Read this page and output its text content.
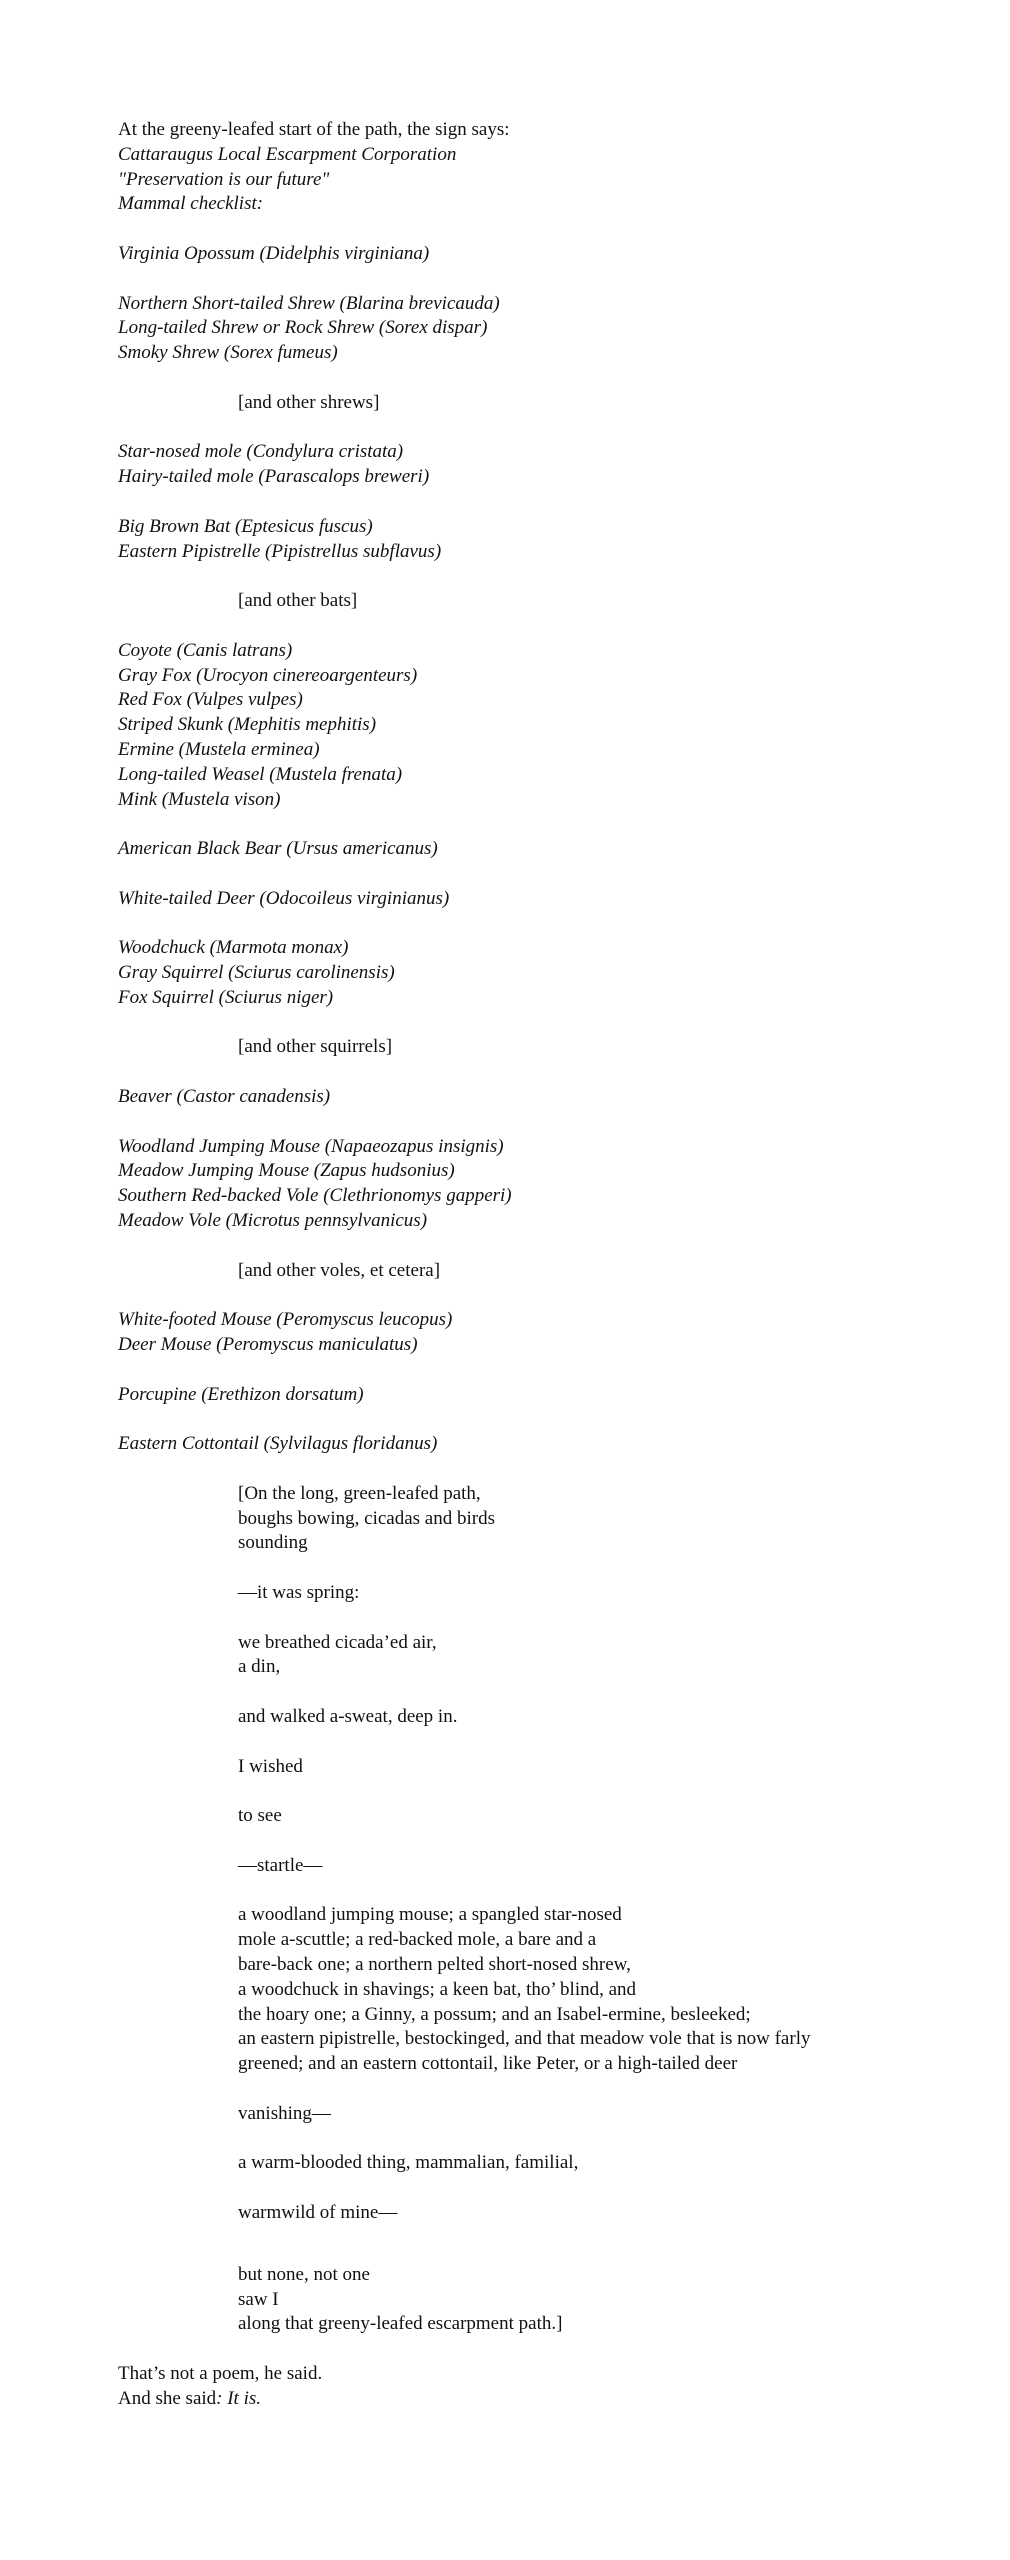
At the greeny-leafed start of the path, the sign says:
Cattaraugus Local Escarpment Corporation
"Preservation is our future"
Mammal checklist:
Virginia Opossum (Didelphis virginiana)
Northern Short-tailed Shrew (Blarina brevicauda)
Long-tailed Shrew or Rock Shrew (Sorex dispar)
Smoky Shrew (Sorex fumeus)
[and other shrews]
Star-nosed mole (Condylura cristata)
Hairy-tailed mole (Parascalops breweri)
Big Brown Bat (Eptesicus fuscus)
Eastern Pipistrelle (Pipistrellus subflavus)
[and other bats]
Coyote (Canis latrans)
Gray Fox (Urocyon cinereoargenteurs)
Red Fox (Vulpes vulpes)
Striped Skunk (Mephitis mephitis)
Ermine (Mustela erminea)
Long-tailed Weasel (Mustela frenata)
Mink (Mustela vison)
American Black Bear (Ursus americanus)
White-tailed Deer (Odocoileus virginianus)
Woodchuck (Marmota monax)
Gray Squirrel (Sciurus carolinensis)
Fox Squirrel (Sciurus niger)
[and other squirrels]
Beaver (Castor canadensis)
Woodland Jumping Mouse (Napaeozapus insignis)
Meadow Jumping Mouse (Zapus hudsonius)
Southern Red-backed Vole (Clethrionomys gapperi)
Meadow Vole (Microtus pennsylvanicus)
[and other voles, et cetera]
White-footed Mouse (Peromyscus leucopus)
Deer Mouse (Peromyscus maniculatus)
Porcupine (Erethizon dorsatum)
Eastern Cottontail (Sylvilagus floridanus)
[On the long, green-leafed path,
boughs bowing, cicadas and birds
sounding
—it was spring:
we breathed cicada’ed air,
a din,
and walked a-sweat, deep in.
I wished
to see
—startle—
a woodland jumping mouse; a spangled star-nosed
mole a-scuttle; a red-backed mole, a bare and a
bare-back one; a northern pelted short-nosed shrew,
a woodchuck in shavings; a keen bat, tho’ blind, and
the hoary one; a Ginny, a possum; and an Isabel-ermine, besleeked;
an eastern pipistrelle, bestockinged, and that meadow vole that is now farly
greened; and an eastern cottontail, like Peter, or a high-tailed deer
vanishing—
a warm-blooded thing, mammalian, familial,
warmwild of mine—
but none, not one
saw I
along that greeny-leafed escarpment path.]
That’s not a poem, he said.
And she said: It is.
